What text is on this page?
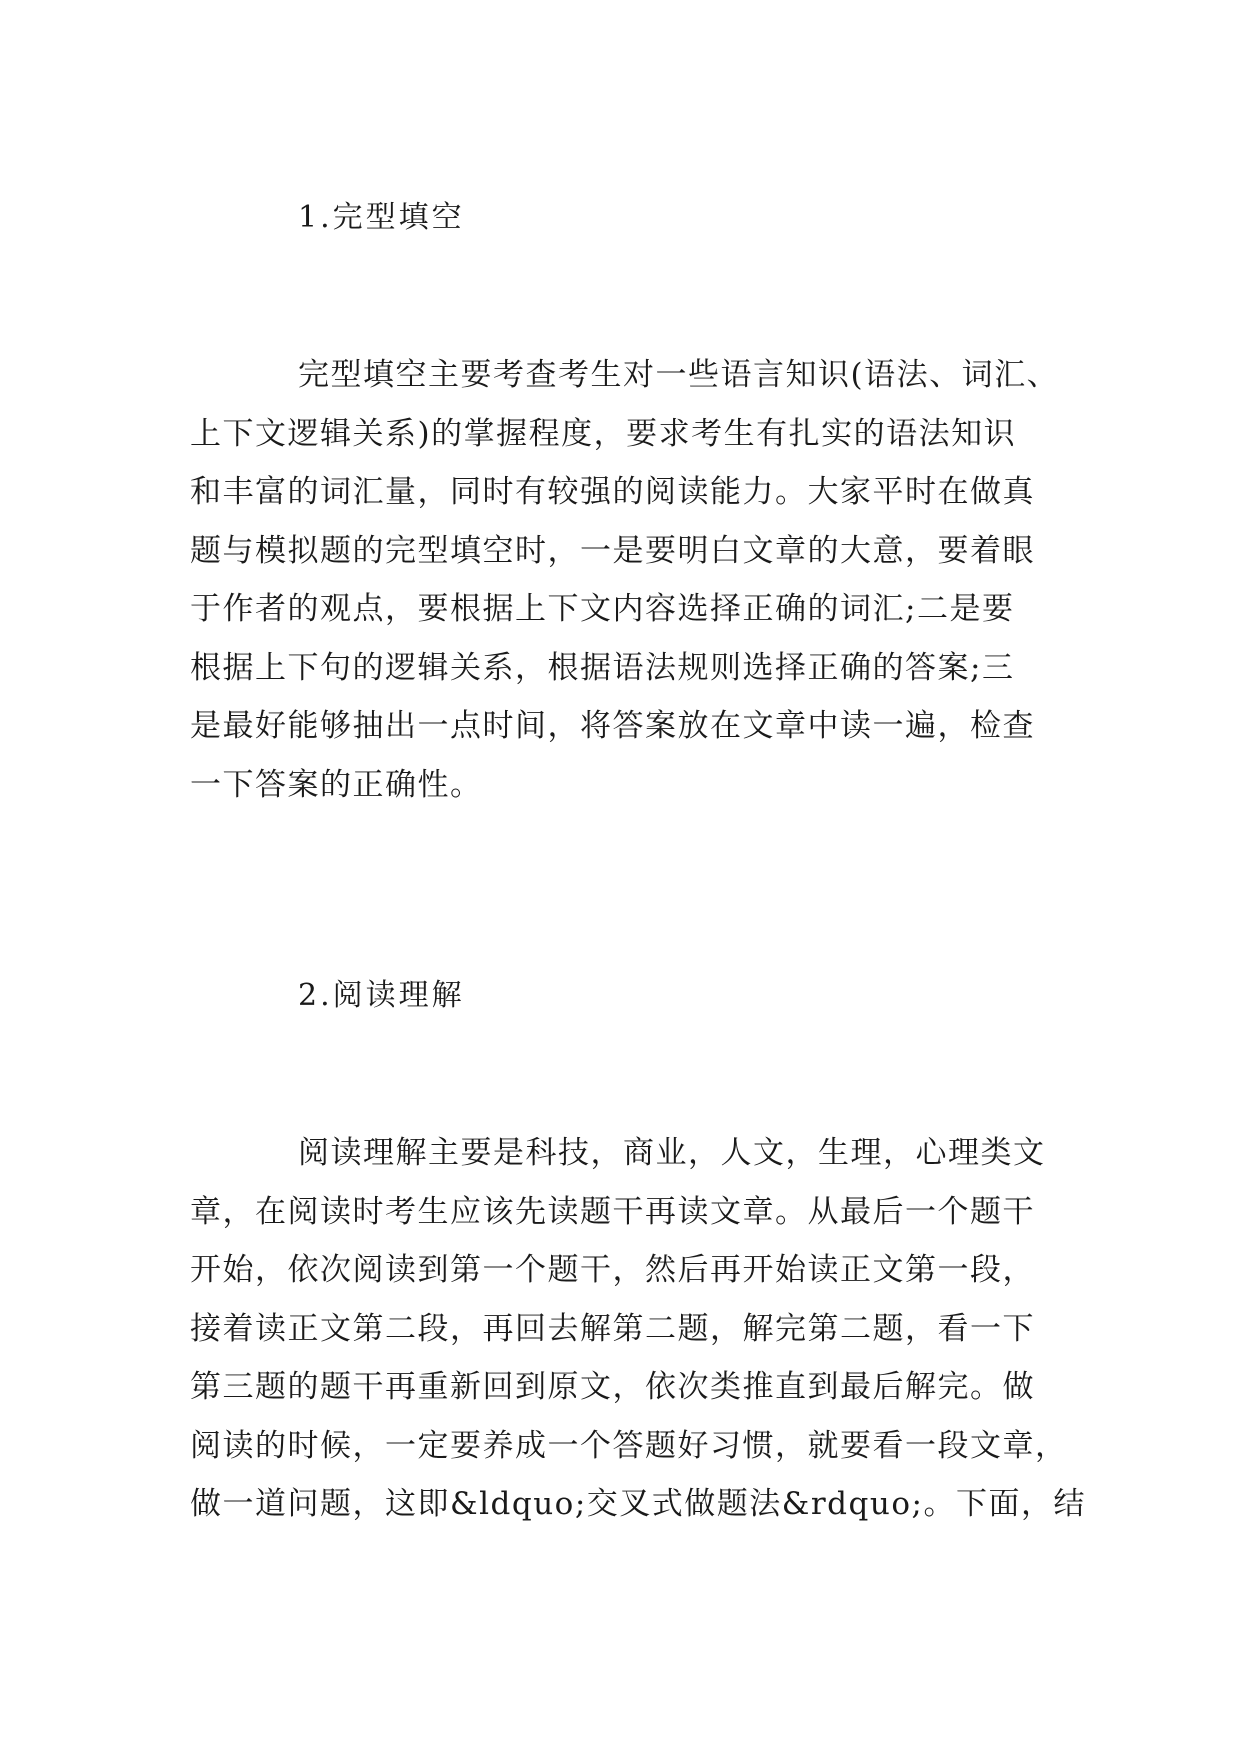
1.完型填空
完型填空主要考查考生对一些语言知识(语法、词汇、
上下文逻辑关系)的掌握程度，要求考生有扎实的语法知识
和丰富的词汇量，同时有较强的阅读能力。大家平时在做真
题与模拟题的完型填空时，一是要明白文章的大意，要着眼
于作者的观点，要根据上下文内容选择正确的词汇;二是要
根据上下句的逻辑关系，根据语法规则选择正确的答案;三
是最好能够抽出一点时间，将答案放在文章中读一遍，检查
一下答案的正确性。
2.阅读理解
阅读理解主要是科技，商业，人文，生理，心理类文
章，在阅读时考生应该先读题干再读文章。从最后一个题干
开始，依次阅读到第一个题干，然后再开始读正文第一段，
接着读正文第二段，再回去解第二题，解完第二题，看一下
第三题的题干再重新回到原文，依次类推直到最后解完。做
阅读的时候，一定要养成一个答题好习惯，就要看一段文章，
做一道问题，这即&ldquo;交叉式做题法&rdquo;。下面，结
